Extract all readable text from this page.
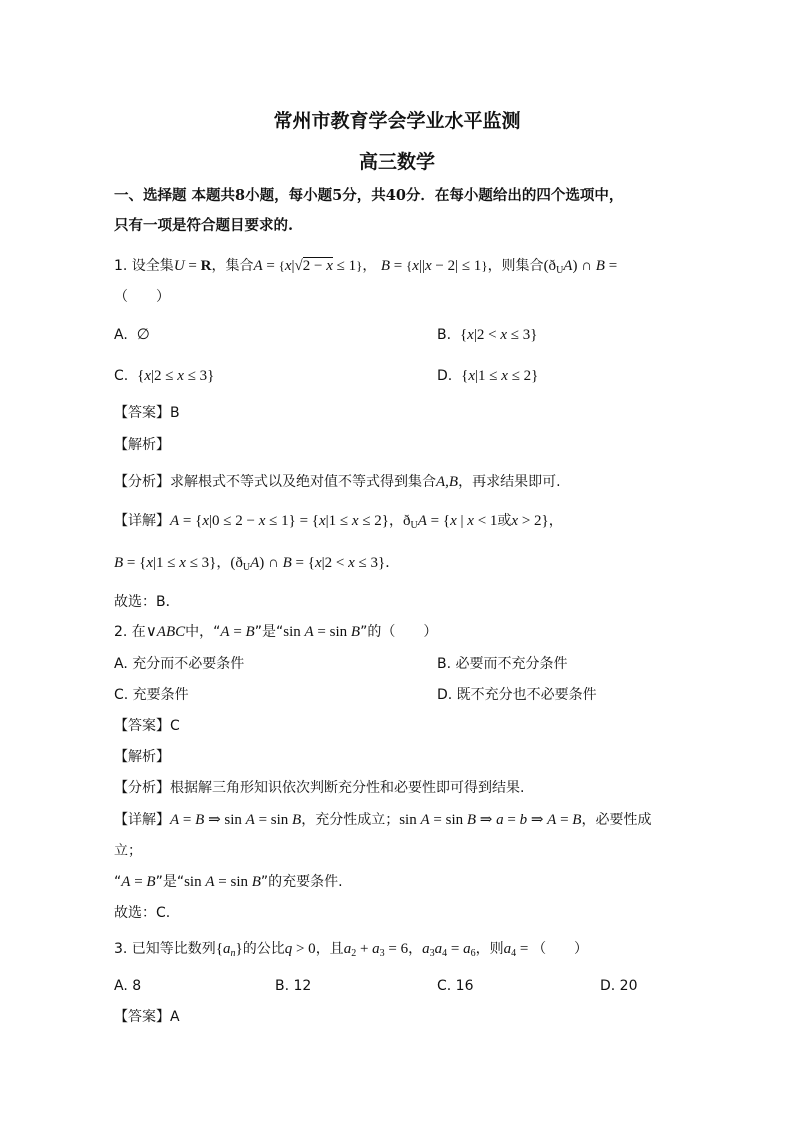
常州市教育学会学业水平监测
高三数学
一、选择题 本题共8小题，每小题5分，共40分．在每小题给出的四个选项中，
只有一项是符合题目要求的.
1. 设全集U = R，集合A = {x|√2 − x ≤ 1}， B = {x||x − 2| ≤ 1}，则集合$(ð_UA)$ ∩ B =
（　　）
A. ∅	B. {x|2 < x ≤ 3}
C. {x|2 ≤ x ≤ 3}	D. {x|1 ≤ x ≤ 2}
【答案】B
【解析】
【分析】求解根式不等式以及绝对值不等式得到集合A,B，再求结果即可.
【详解】A = {x|0 ≤ 2 − x ≤ 1} = {x|1 ≤ x ≤ 2}，$ð_UA = \{x$ | x < 1或x > 2}，
B = {x|1 ≤ x ≤ 3}，$(ð_UA)$ ∩ B = {x|2 < x ≤ 3}．
故选：B．
2. 在∨ABC中，“A = B”是“sin A = sin B”的（　　）
A. 充分而不必要条件	B. 必要而不充分条件
C. 充要条件	D. 既不充分也不必要条件
【答案】C
【解析】
【分析】根据解三角形知识依次判断充分性和必要性即可得到结果.
【详解】A = B ⇒ sin A = sin B，充分性成立；sin A = sin B ⇒ a = b ⇒ A = B，必要性成
立；
“A = B”是“sin A = sin B”的充要条件.
故选：C.
3. 已知等比数列$\{a_n\}$的公比q > 0，且$a_2 + a_3 = 6$，$a_3a_4 = a_6$，则$a_4$ = （　　）
A. 8	B. 12	C. 16	D. 20
【答案】A
